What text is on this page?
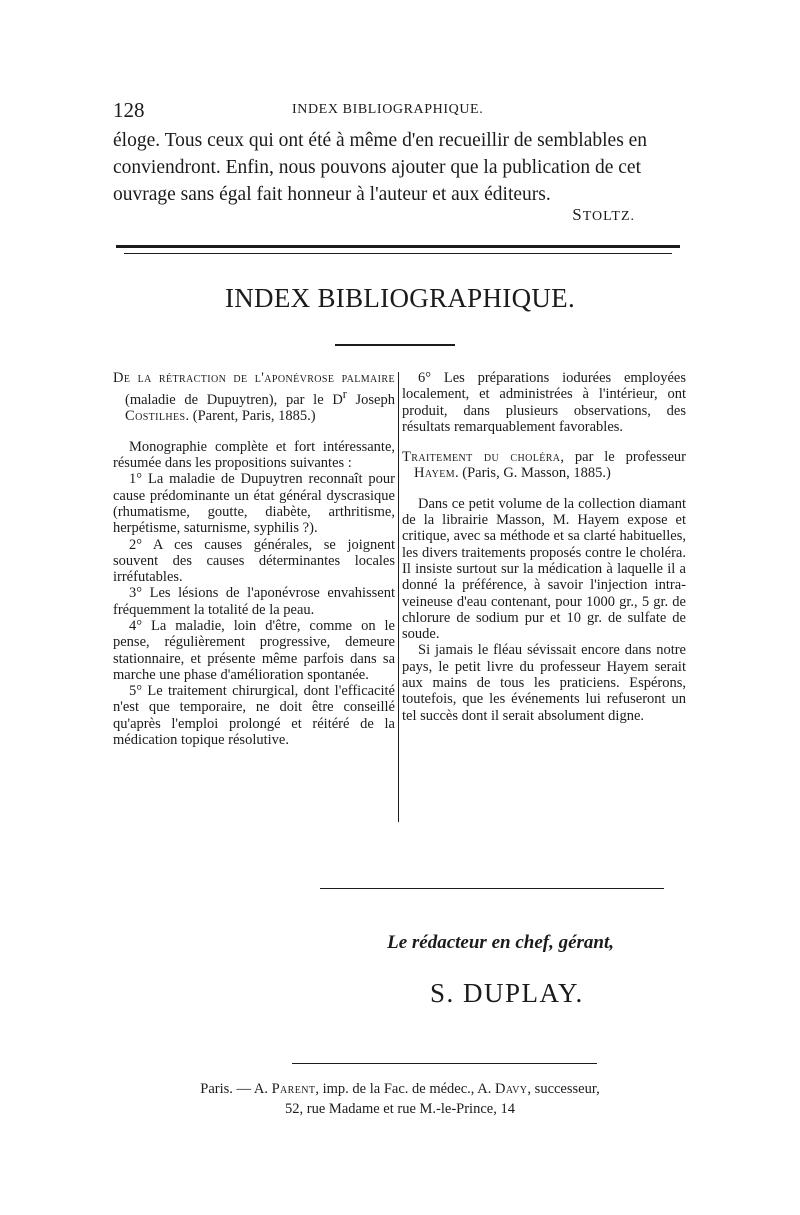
128	INDEX BIBLIOGRAPHIQUE.
éloge. Tous ceux qui ont été à même d'en recueillir de semblables en
conviendront. Enfin, nous pouvons ajouter que la publication de cet
ouvrage sans égal fait honneur à l'auteur et aux éditeurs.
STOLTZ.
INDEX BIBLIOGRAPHIQUE.

De la rétraction de l'aponévrose palmaire (maladie de Dupuytren), par le $D^r$ Joseph Costilhes. (Parent, Paris, 1885.)

Monographie complète et fort intéressante, résumée dans les propositions suivantes :

1° La maladie de Dupuytren reconnaît pour cause prédominante un état général dyscrasique (rhumatisme, goutte, diabète, arthritisme, herpétisme, saturnisme, syphilis ?).

2° A ces causes générales, se joignent souvent des causes déterminantes locales irréfutables.

3° Les lésions de l'aponévrose envahissent fréquemment la totalité de la peau.

4° La maladie, loin d'être, comme on le pense, régulièrement progressive, demeure stationnaire, et présente même parfois dans sa marche une phase d'amélioration spontanée.

5° Le traitement chirurgical, dont l'efficacité n'est que temporaire, ne doit être conseillé qu'après l'emploi prolongé et réitéré de la médication topique résolutive.

6° Les préparations iodurées employées localement, et administrées à l'intérieur, ont produit, dans plusieurs observations, des résultats remarquablement favorables.

Traitement du choléra, par le professeur Hayem. (Paris, G. Masson, 1885.)

Dans ce petit volume de la collection diamant de la librairie Masson, M. Hayem expose et critique, avec sa méthode et sa clarté habituelles, les divers traitements proposés contre le choléra. Il insiste surtout sur la médication à laquelle il a donné la préférence, à savoir l'injection intra-veineuse d'eau contenant, pour 1000 gr., 5 gr. de chlorure de sodium pur et 10 gr. de sulfate de soude.

Si jamais le fléau sévissait encore dans notre pays, le petit livre du professeur Hayem serait aux mains de tous les praticiens. Espérons, toutefois, que les événements lui refuseront un tel succès dont il serait absolument digne.

Le rédacteur en chef, gérant,
S. DUPLAY.
Paris. — A. Parent, imp. de la Fac. de médec., A. Davy, successeur,
52, rue Madame et rue M.-le-Prince, 14
